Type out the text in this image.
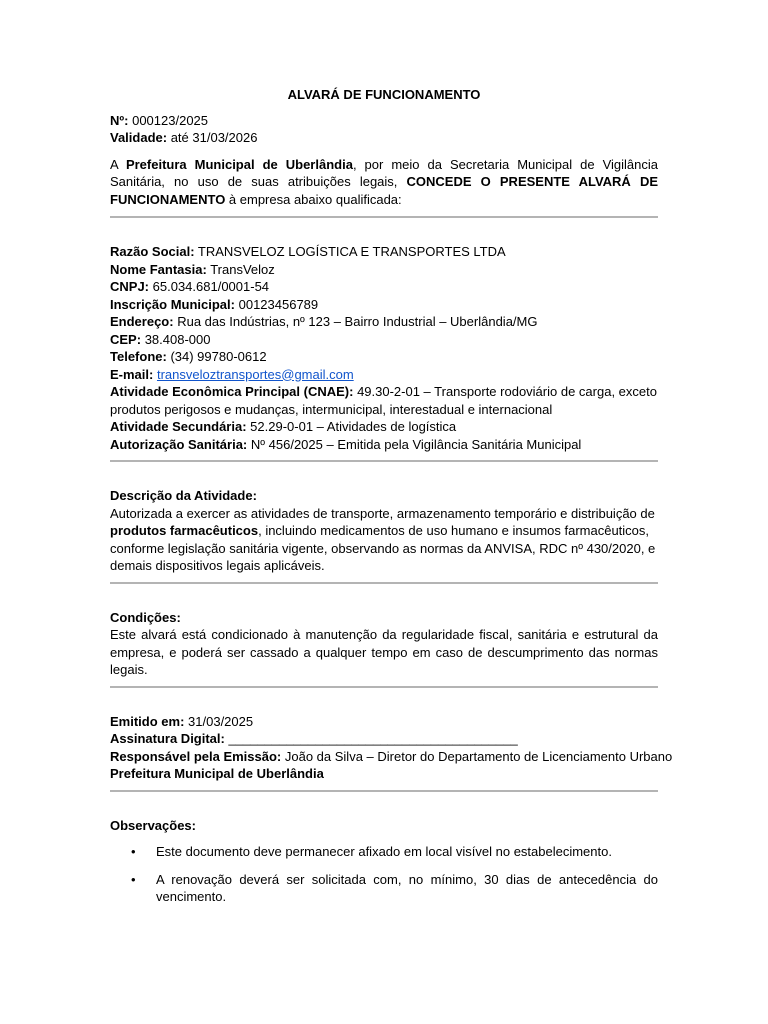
ALVARÁ DE FUNCIONAMENTO
Nº: 000123/2025
Validade: até 31/03/2026
A Prefeitura Municipal de Uberlândia, por meio da Secretaria Municipal de Vigilância Sanitária, no uso de suas atribuições legais, CONCEDE O PRESENTE ALVARÁ DE FUNCIONAMENTO à empresa abaixo qualificada:
Razão Social: TRANSVELOZ LOGÍSTICA E TRANSPORTES LTDA
Nome Fantasia: TransVeloz
CNPJ: 65.034.681/0001-54
Inscrição Municipal: 00123456789
Endereço: Rua das Indústrias, nº 123 – Bairro Industrial – Uberlândia/MG
CEP: 38.408-000
Telefone: (34) 99780-0612
E-mail: transveloztransportes@gmail.com
Atividade Econômica Principal (CNAE): 49.30-2-01 – Transporte rodoviário de carga, exceto produtos perigosos e mudanças, intermunicipal, interestadual e internacional
Atividade Secundária: 52.29-0-01 – Atividades de logística
Autorização Sanitária: Nº 456/2025 – Emitida pela Vigilância Sanitária Municipal
Descrição da Atividade:
Autorizada a exercer as atividades de transporte, armazenamento temporário e distribuição de produtos farmacêuticos, incluindo medicamentos de uso humano e insumos farmacêuticos, conforme legislação sanitária vigente, observando as normas da ANVISA, RDC nº 430/2020, e demais dispositivos legais aplicáveis.
Condições:
Este alvará está condicionado à manutenção da regularidade fiscal, sanitária e estrutural da empresa, e poderá ser cassado a qualquer tempo em caso de descumprimento das normas legais.
Emitido em: 31/03/2025
Assinatura Digital: ________________________________________
Responsável pela Emissão: João da Silva – Diretor do Departamento de Licenciamento Urbano
Prefeitura Municipal de Uberlândia
Observações:
• Este documento deve permanecer afixado em local visível no estabelecimento.
• A renovação deverá ser solicitada com, no mínimo, 30 dias de antecedência do vencimento.
